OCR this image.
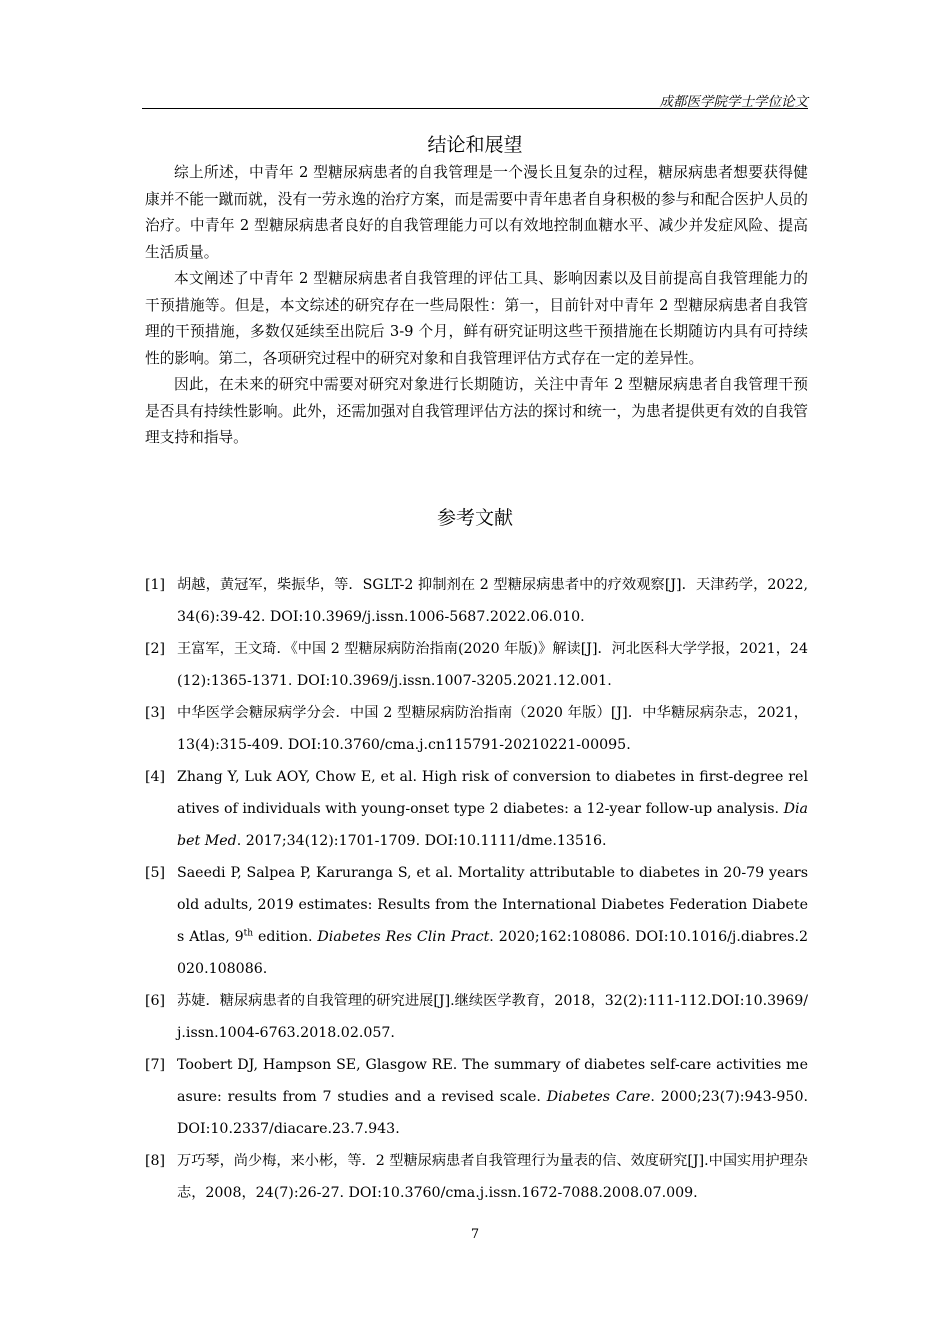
成都医学院学士学位论文
结论和展望

综上所述，中青年 2 型糖尿病患者的自我管理是一个漫长且复杂的过程，糖尿病患者想要获得健康并不能一蹴而就，没有一劳永逸的治疗方案，而是需要中青年患者自身积极的参与和配合医护人员的治疗。中青年 2 型糖尿病患者良好的自我管理能力可以有效地控制血糖水平、减少并发症风险、提高生活质量。

本文阐述了中青年 2 型糖尿病患者自我管理的评估工具、影响因素以及目前提高自我管理能力的干预措施等。但是，本文综述的研究存在一些局限性：第一，目前针对中青年 2 型糖尿病患者自我管理的干预措施，多数仅延续至出院后 3-9 个月，鲜有研究证明这些干预措施在长期随访内具有可持续性的影响。第二，各项研究过程中的研究对象和自我管理评估方式存在一定的差异性。

因此，在未来的研究中需要对研究对象进行长期随访，关注中青年 2 型糖尿病患者自我管理干预是否具有持续性影响。此外，还需加强对自我管理评估方法的探讨和统一，为患者提供更有效的自我管理支持和指导。

参考文献
[1] 胡越，黄冠军，柴振华，等．SGLT-2 抑制剂在 2 型糖尿病患者中的疗效观察[J]．天津药学，2022,34(6):39-42. DOI:10.3969/j.issn.1006-5687.2022.06.010.
[2] 王富军，王文琦．《中国 2 型糖尿病防治指南(2020 年版)》解读[J]．河北医科大学学报，2021，24(12):1365-1371. DOI:10.3969/j.issn.1007-3205.2021.12.001.
[3] 中华医学会糖尿病学分会．中国 2 型糖尿病防治指南（2020 年版）[J]．中华糖尿病杂志，2021，13(4):315-409. DOI:10.3760/cma.j.cn115791-20210221-00095.
[4] Zhang Y, Luk AOY, Chow E, et al. High risk of conversion to diabetes in first-degree relatives of individuals with young-onset type 2 diabetes: a 12-year follow-up analysis. Diabet Med. 2017;34(12):1701-1709. DOI:10.1111/dme.13516.
[5] Saeedi P, Salpea P, Karuranga S, et al. Mortality attributable to diabetes in 20-79 years old adults, 2019 estimates: Results from the International Diabetes Federation Diabetes Atlas, 9th edition. Diabetes Res Clin Pract. 2020;162:108086. DOI:10.1016/j.diabres.2020.108086.
[6] 苏婕．糖尿病患者的自我管理的研究进展[J].继续医学教育，2018，32(2):111-112.DOI:10.3969/j.issn.1004-6763.2018.02.057.
[7] Toobert DJ, Hampson SE, Glasgow RE. The summary of diabetes self-care activities measure: results from 7 studies and a revised scale. Diabetes Care. 2000;23(7):943-950. DOI:10.2337/diacare.23.7.943.
[8] 万巧琴，尚少梅，来小彬，等．2 型糖尿病患者自我管理行为量表的信、效度研究[J].中国实用护理杂志，2008，24(7):26-27. DOI:10.3760/cma.j.issn.1672-7088.2008.07.009.
7
